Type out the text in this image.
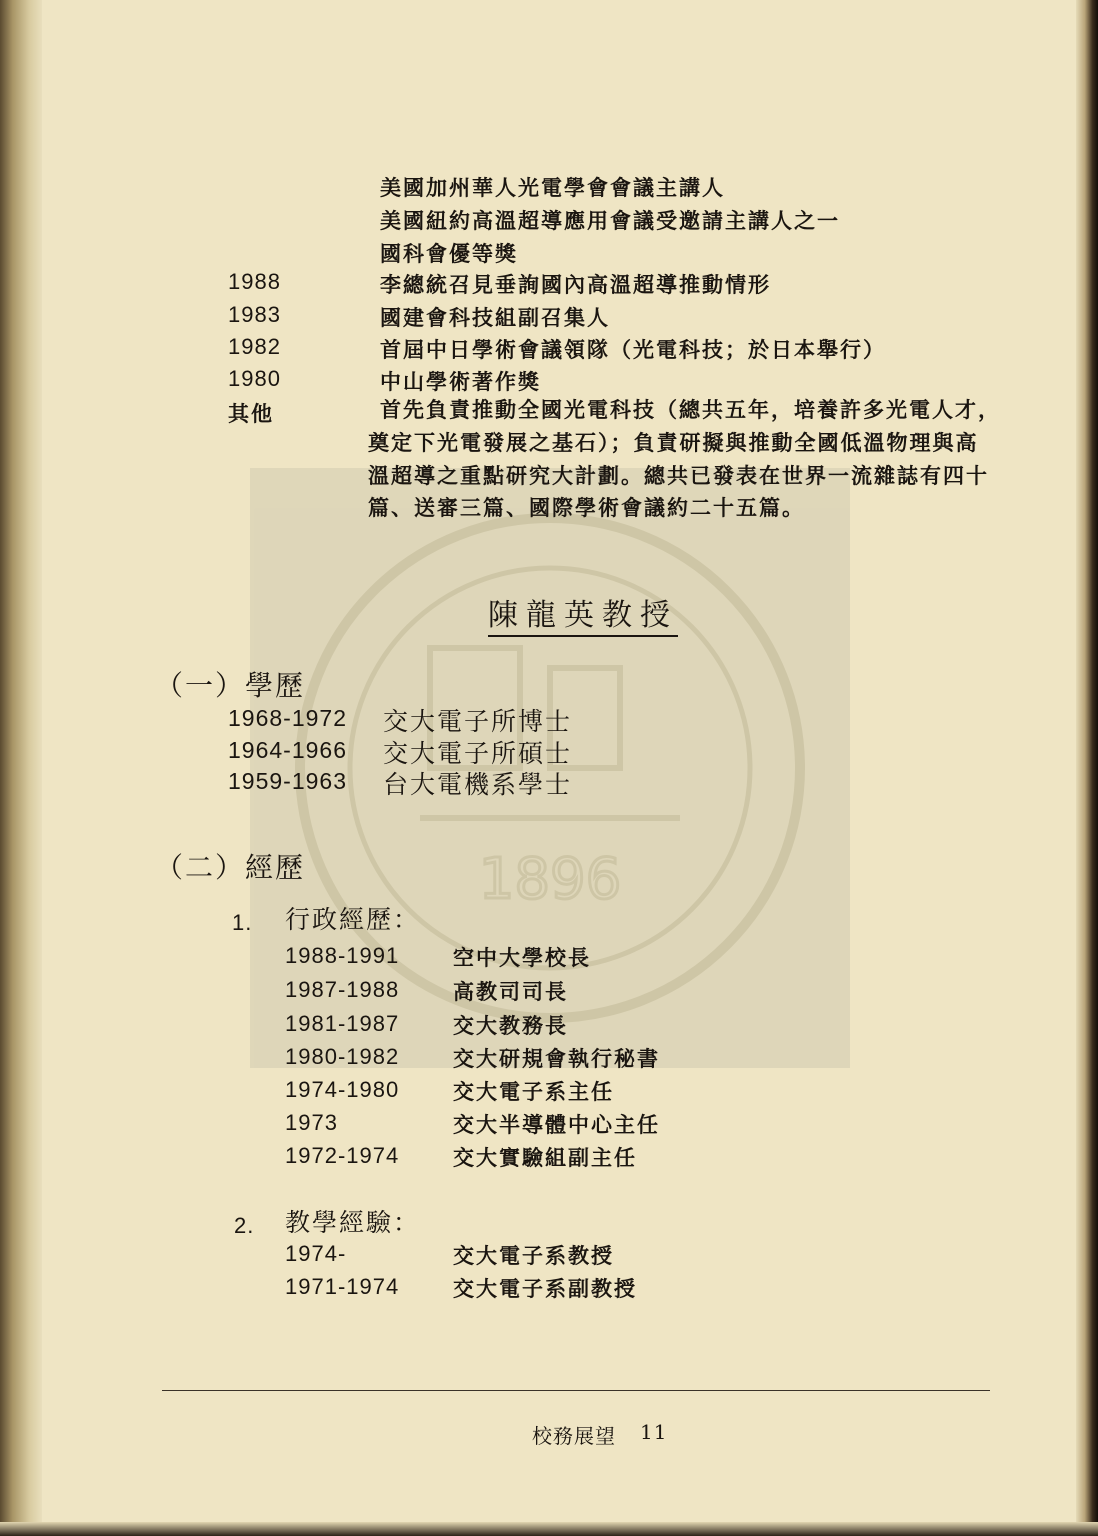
1896
美國加州華人光電學會會議主講人
美國紐約高溫超導應用會議受邀請主講人之一
國科會優等獎
1988	李總統召見垂詢國內高溫超導推動情形
1983	國建會科技組副召集人
1982	首屆中日學術會議領隊（光電科技；於日本舉行）
1980	中山學術著作獎
其他	首先負責推動全國光電科技（總共五年，培養許多光電人才，
奠定下光電發展之基石）；負責研擬與推動全國低溫物理與高
溫超導之重點研究大計劃。總共已發表在世界一流雜誌有四十
篇、送審三篇、國際學術會議約二十五篇。
陳龍英教授
（一）學歷
1968-1972 交大電子所博士
1964-1966 交大電子所碩士
1959-1963 台大電機系學士
（二）經歷
1. 行政經歷：
1988-1991	空中大學校長
1987-1988	高教司司長
1981-1987	交大教務長
1980-1982	交大研規會執行秘書
1974-1980	交大電子系主任
1973	交大半導體中心主任
1972-1974	交大實驗組副主任
2. 教學經驗：
1974-	交大電子系教授
1971-1974	交大電子系副教授
校務展望 11
